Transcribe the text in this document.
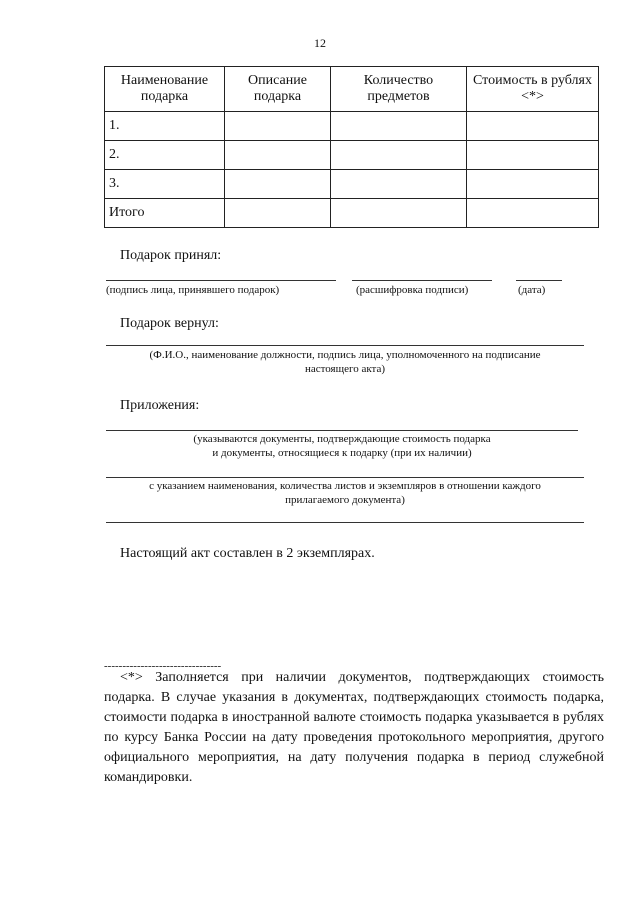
12
Наименование подарка	Описание подарка	Количество предметов	Стоимость в рублях <*>
1.			
2.			
3.			
Итого			
Подарок принял:
(подпись лица, принявшего подарок)	(расшифровка подписи)	(дата)
Подарок вернул:
(Ф.И.О., наименование должности, подпись лица, уполномоченного на подписание
настоящего акта)
Приложения:
(указываются документы, подтверждающие стоимость подарка
и документы, относящиеся к подарку (при их наличии)
с указанием наименования, количества листов и экземпляров в отношении каждого
прилагаемого документа)
Настоящий акт составлен в 2 экземплярах.
--------------------------------
<*> Заполняется при наличии документов, подтверждающих стоимость подарка. В случае указания в документах, подтверждающих стоимость подарка, стоимости подарка в иностранной валюте стоимость подарка указывается в рублях по курсу Банка России на дату проведения протокольного мероприятия, другого официального мероприятия, на дату получения подарка в период служебной командировки.
